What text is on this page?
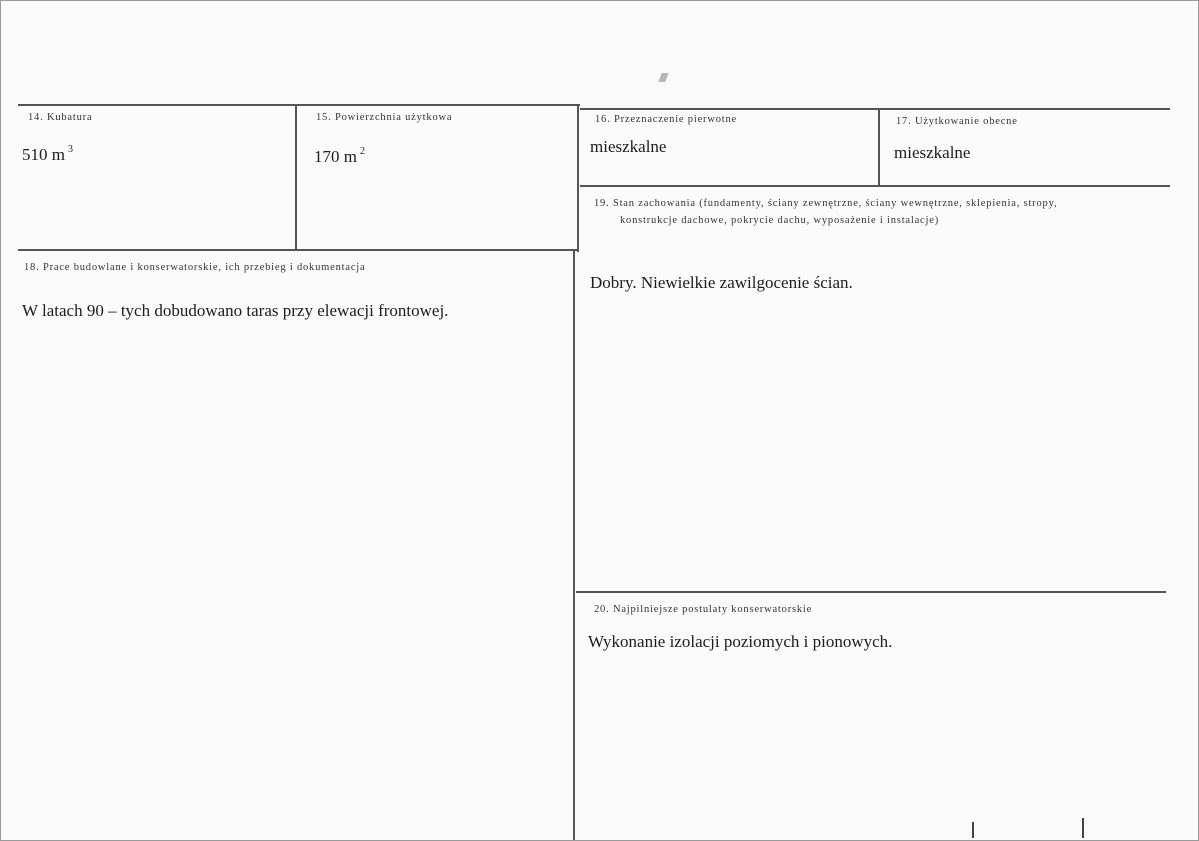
14. Kubatura
510 m $^3$
15. Powierzchnia użytkowa
170 m $^2$
16. Przeznaczenie pierwotne
mieszkalne
17. Użytkowanie obecne
mieszkalne
18. Prace budowlane i konserwatorskie, ich przebieg i dokumentacja
W latach 90 – tych dobudowano taras przy elewacji frontowej.
19. Stan zachowania (fundamenty, ściany zewnętrzne, ściany wewnętrzne, sklepienia, stropy,
konstrukcje dachowe, pokrycie dachu, wyposażenie i instalacje)
Dobry. Niewielkie zawilgocenie ścian.
20. Najpilniejsze postulaty konserwatorskie
Wykonanie izolacji poziomych i pionowych.
